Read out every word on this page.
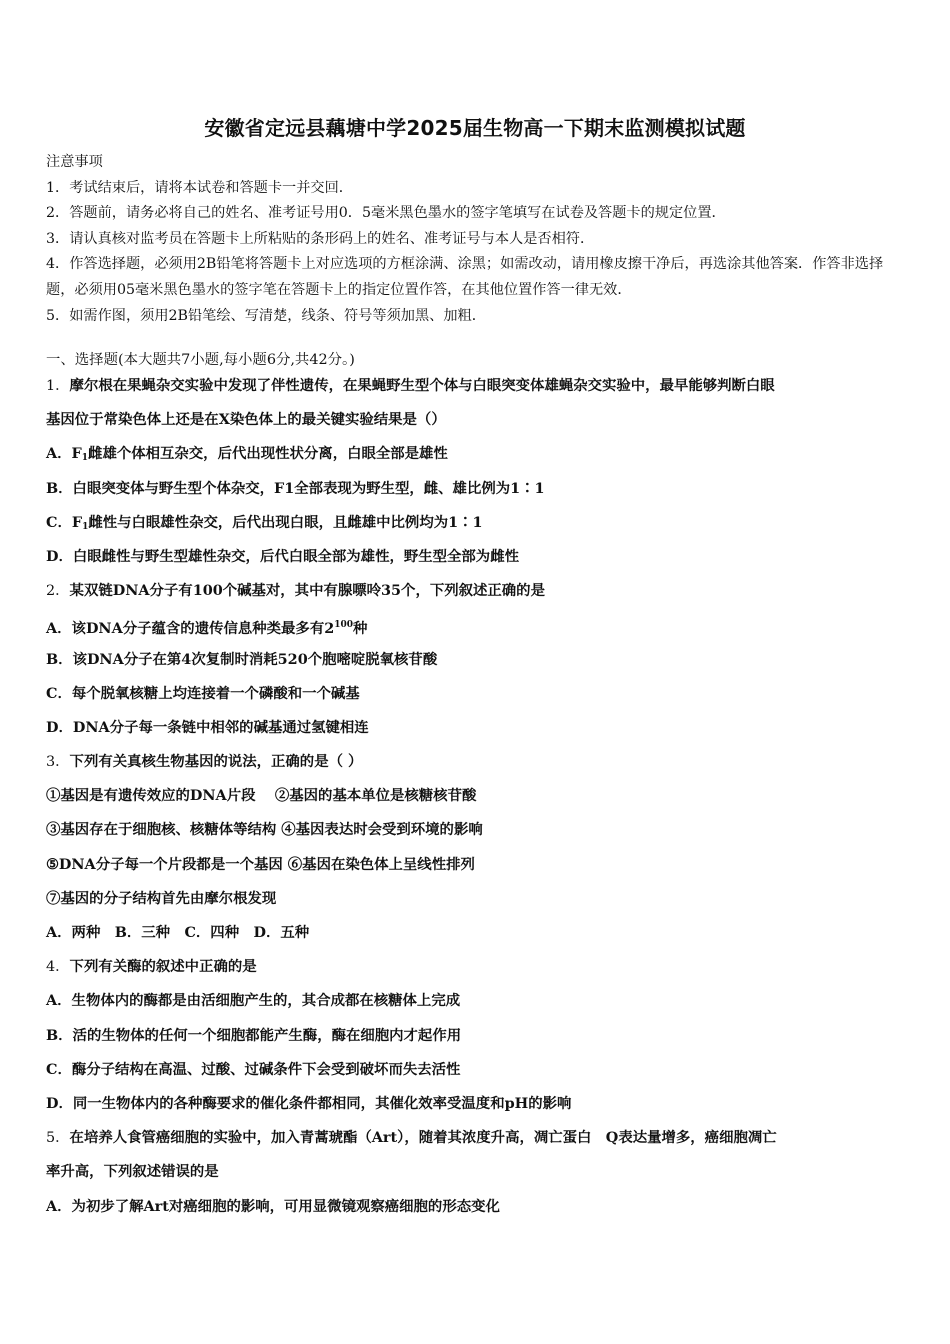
安徽省定远县藕塘中学2025届生物高一下期末监测模拟试题
注意事项
1．考试结束后，请将本试卷和答题卡一并交回．
2．答题前，请务必将自己的姓名、准考证号用0．5毫米黑色墨水的签字笔填写在试卷及答题卡的规定位置．
3．请认真核对监考员在答题卡上所粘贴的条形码上的姓名、准考证号与本人是否相符．
4．作答选择题，必须用2B铅笔将答题卡上对应选项的方框涂满、涂黑；如需改动，请用橡皮擦干净后，再选涂其他答案．作答非选择题，必须用05毫米黑色墨水的签字笔在答题卡上的指定位置作答，在其他位置作答一律无效．
5．如需作图，须用2B铅笔绘、写清楚，线条、符号等须加黑、加粗．
一、选择题(本大题共7小题,每小题6分,共42分。)
1．摩尔根在果蝇杂交实验中发现了伴性遗传，在果蝇野生型个体与白眼突变体雄蝇杂交实验中，最早能够判断白眼
基因位于常染色体上还是在X染色体上的最关键实验结果是（）
A．$F_1$雌雄个体相互杂交，后代出现性状分离，白眼全部是雄性
B．白眼突变体与野生型个体杂交，F1全部表现为野生型，雌、雄比例为1∶1
C．$F_1$雌性与白眼雄性杂交，后代出现白眼，且雌雄中比例均为1∶1
D．白眼雌性与野生型雄性杂交，后代白眼全部为雄性，野生型全部为雌性
2．某双链DNA分子有100个碱基对，其中有腺嘌呤35个，下列叙述正确的是
A．该DNA分子蕴含的遗传信息种类最多有$2^{100}$种
B．该DNA分子在第4次复制时消耗520个胞嘧啶脱氧核苷酸
C．每个脱氧核糖上均连接着一个磷酸和一个碱基
D．DNA分子每一条链中相邻的碱基通过氢键相连
3．下列有关真核生物基因的说法，正确的是（ ）
①基因是有遗传效应的DNA片段　 ②基因的基本单位是核糖核苷酸
③基因存在于细胞核、核糖体等结构 ④基因表达时会受到环境的影响
⑤DNA分子每一个片段都是一个基因 ⑥基因在染色体上呈线性排列
⑦基因的分子结构首先由摩尔根发现
A．两种　B．三种　C．四种　D．五种
4．下列有关酶的叙述中正确的是
A．生物体内的酶都是由活细胞产生的，其合成都在核糖体上完成
B．活的生物体的任何一个细胞都能产生酶，酶在细胞内才起作用
C．酶分子结构在高温、过酸、过碱条件下会受到破坏而失去活性
D．同一生物体内的各种酶要求的催化条件都相同，其催化效率受温度和pH的影响
5．在培养人食管癌细胞的实验中，加入青蒿琥酯（Art），随着其浓度升高，凋亡蛋白　Q表达量增多，癌细胞凋亡
率升高，下列叙述错误的是
A．为初步了解Art对癌细胞的影响，可用显微镜观察癌细胞的形态变化
